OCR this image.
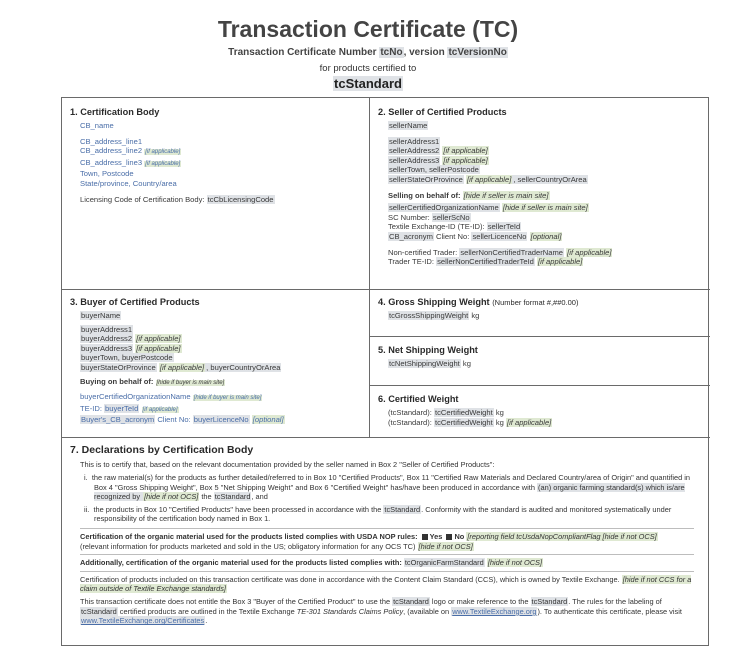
Transaction Certificate (TC)
Transaction Certificate Number tcNo, version tcVersionNo
for products certified to
tcStandard
1. Certification Body
CB_name
CB_address_line1
CB_address_line2 [if applicable]
CB_address_line3 [if applicable]
Town, Postcode
State/province, Country/area
Licensing Code of Certification Body: tcCbLicensingCode
2. Seller of Certified Products
sellerName
sellerAddress1
sellerAddress2 [if applicable]
sellerAddress3 [if applicable]
sellerTown, sellerPostcode
sellerStateOrProvince [if applicable] , sellerCountryOrArea
Selling on behalf of: [hide if seller is main site]
sellerCertifiedOrganizationName [hide if seller is main site]
SC Number: sellerScNo
Textile Exchange-ID (TE-ID): sellerTeId
CB_acronym Client No: sellerLicenceNo [optional]
Non-certified Trader: sellerNonCertifiedTraderName [if applicable]
Trader TE-ID: sellerNonCertifiedTraderTeId [if applicable]
3. Buyer of Certified Products
buyerName
buyerAddress1
buyerAddress2 [if applicable]
buyerAddress3 [if applicable]
buyerTown, buyerPostcode
buyerStateOrProvince [if applicable] , buyerCountryOrArea
Buying on behalf of: [hide if buyer is main site]
buyerCertifiedOrganizationName [hide if buyer is main site]
TE-ID: buyerTeId [if applicable]
Buyer's_CB_acronym Client No: buyerLicenceNo [optional]
4. Gross Shipping Weight (Number format #,##0.00)
tcGrossShippingWeight kg
5. Net Shipping Weight
tcNetShippingWeight kg
6. Certified Weight
(tcStandard): tcCertifiedWeight kg
(tcStandard): tcCertifiedWeight kg [if applicable]
7. Declarations by Certification Body
This is to certify that, based on the relevant documentation provided by the seller named in Box 2 "Seller of Certified Products":
i. the raw material(s) for the products as further detailed/referred to in Box 10 "Certified Products", Box 11 "Certified Raw Materials and Declared Country/area of Origin" and quantified in Box 4 "Gross Shipping Weight", Box 5 "Net Shipping Weight" and Box 6 "Certified Weight" has/have been produced in accordance with (an) organic farming standard(s) which is/are recognized by [hide if not OCS] the tcStandard, and
ii. the products in Box 10 "Certified Products" have been processed in accordance with the tcStandard. Conformity with the standard is audited and monitored systematically under responsibility of the certification body named in Box 1.
Certification of the organic material used for the products listed complies with USDA NOP rules: Yes No [reporting field tcUsdaNopCompliantFlag [hide if not OCS]
(relevant information for products marketed and sold in the US; obligatory information for any OCS TC) [hide if not OCS]
Additionally, certification of the organic material used for the products listed complies with: tcOrganicFarmStandard [hide if not OCS]
Certification of products included on this transaction certificate was done in accordance with the Content Claim Standard (CCS), which is owned by Textile Exchange. [hide if not CCS for a claim outside of Textile Exchange standards]
This transaction certificate does not entitle the Box 3 "Buyer of the Certified Product" to use the tcStandard logo or make reference to the tcStandard. The rules for the labeling of tcStandard certified products are outlined in the Textile Exchange TE-301 Standards Claims Policy, (available on www.TextileExchange.org). To authenticate this certificate, please visit www.TextileExchange.org/Certificates.
